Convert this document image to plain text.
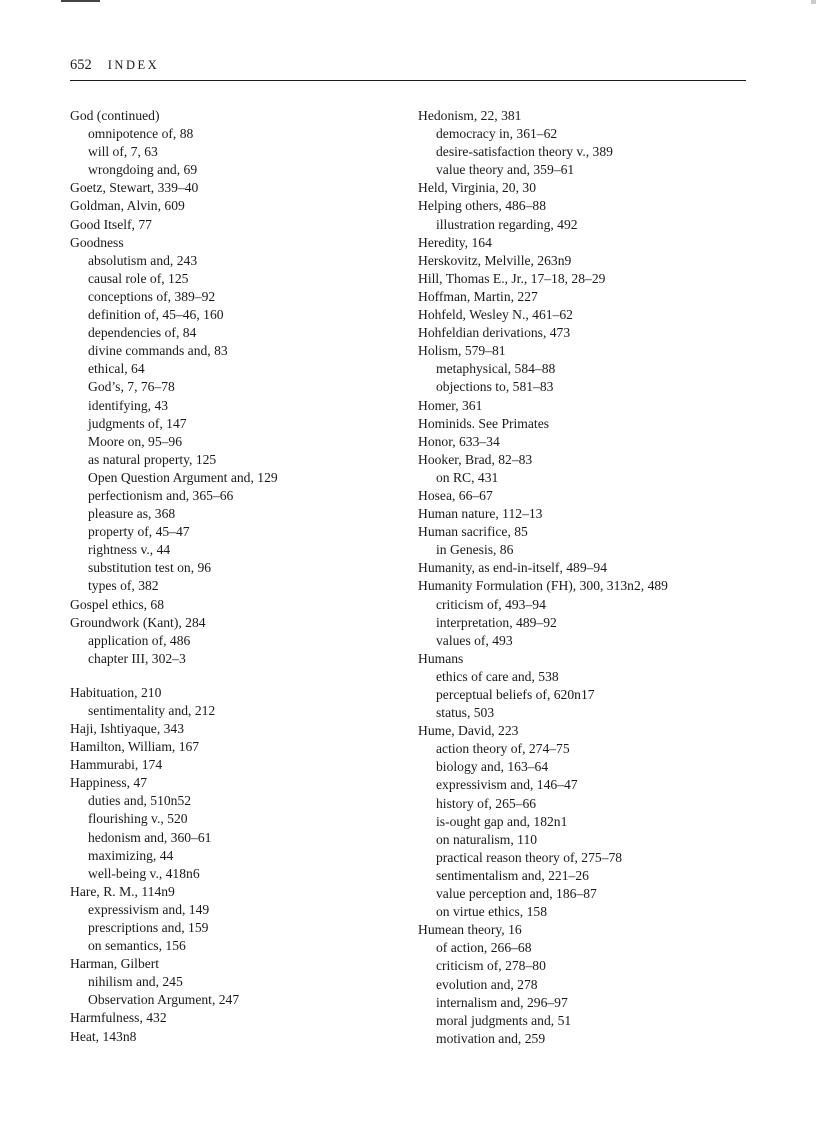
652 INDEX
God (continued)
omnipotence of, 88
will of, 7, 63
wrongdoing and, 69
Goetz, Stewart, 339–40
Goldman, Alvin, 609
Good Itself, 77
Goodness
absolutism and, 243
causal role of, 125
conceptions of, 389–92
definition of, 45–46, 160
dependencies of, 84
divine commands and, 83
ethical, 64
God’s, 7, 76–78
identifying, 43
judgments of, 147
Moore on, 95–96
as natural property, 125
Open Question Argument and, 129
perfectionism and, 365–66
pleasure as, 368
property of, 45–47
rightness v., 44
substitution test on, 96
types of, 382
Gospel ethics, 68
Groundwork (Kant), 284
application of, 486
chapter III, 302–3
Habituation, 210
sentimentality and, 212
Haji, Ishtiyaque, 343
Hamilton, William, 167
Hammurabi, 174
Happiness, 47
duties and, 510n52
flourishing v., 520
hedonism and, 360–61
maximizing, 44
well-being v., 418n6
Hare, R. M., 114n9
expressivism and, 149
prescriptions and, 159
on semantics, 156
Harman, Gilbert
nihilism and, 245
Observation Argument, 247
Harmfulness, 432
Heat, 143n8
Hedonism, 22, 381
democracy in, 361–62
desire-satisfaction theory v., 389
value theory and, 359–61
Held, Virginia, 20, 30
Helping others, 486–88
illustration regarding, 492
Heredity, 164
Herskovitz, Melville, 263n9
Hill, Thomas E., Jr., 17–18, 28–29
Hoffman, Martin, 227
Hohfeld, Wesley N., 461–62
Hohfeldian derivations, 473
Holism, 579–81
metaphysical, 584–88
objections to, 581–83
Homer, 361
Hominids. See Primates
Honor, 633–34
Hooker, Brad, 82–83
on RC, 431
Hosea, 66–67
Human nature, 112–13
Human sacrifice, 85
in Genesis, 86
Humanity, as end-in-itself, 489–94
Humanity Formulation (FH), 300, 313n2, 489
criticism of, 493–94
interpretation, 489–92
values of, 493
Humans
ethics of care and, 538
perceptual beliefs of, 620n17
status, 503
Hume, David, 223
action theory of, 274–75
biology and, 163–64
expressivism and, 146–47
history of, 265–66
is-ought gap and, 182n1
on naturalism, 110
practical reason theory of, 275–78
sentimentalism and, 221–26
value perception and, 186–87
on virtue ethics, 158
Humean theory, 16
of action, 266–68
criticism of, 278–80
evolution and, 278
internalism and, 296–97
moral judgments and, 51
motivation and, 259
